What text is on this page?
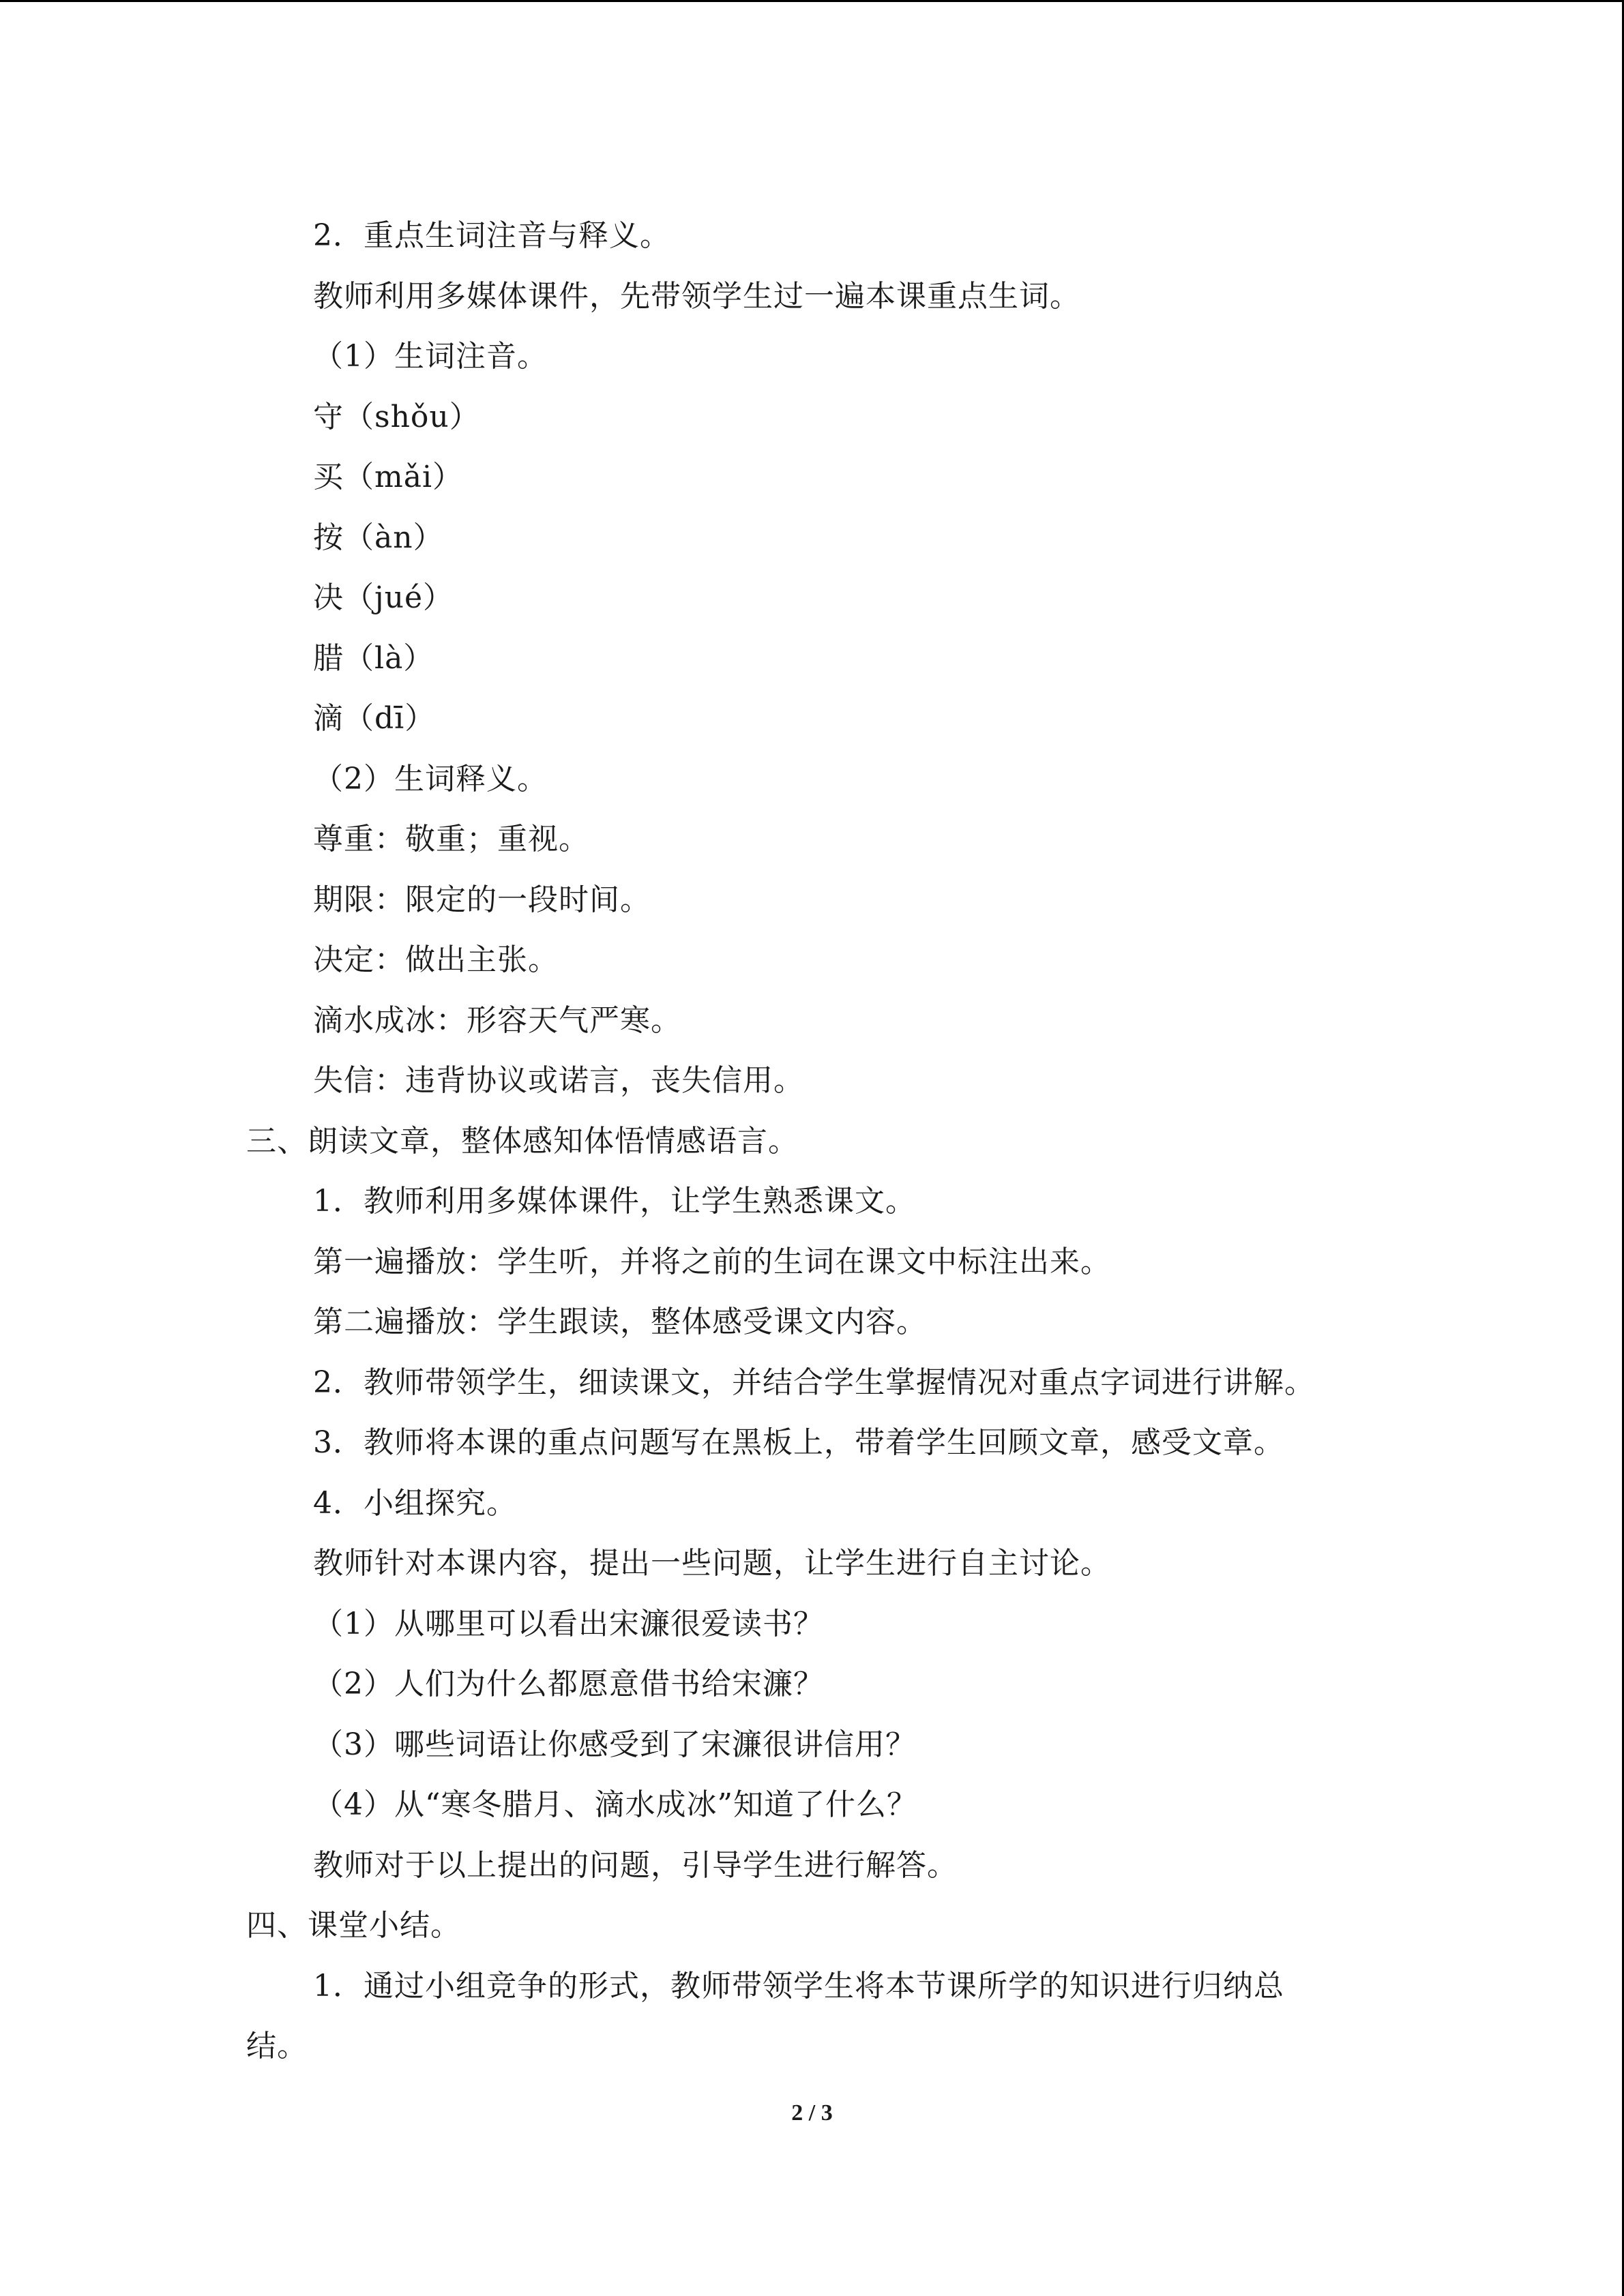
2．重点生词注音与释义。
教师利用多媒体课件，先带领学生过一遍本课重点生词。
（1）生词注音。
守（shǒu）
买（mǎi）
按（àn）
决（jué）
腊（là）
滴（dī）
（2）生词释义。
尊重：敬重；重视。
期限：限定的一段时间。
决定：做出主张。
滴水成冰：形容天气严寒。
失信：违背协议或诺言，丧失信用。
三、朗读文章，整体感知体悟情感语言。
1．教师利用多媒体课件，让学生熟悉课文。
第一遍播放：学生听，并将之前的生词在课文中标注出来。
第二遍播放：学生跟读，整体感受课文内容。
2．教师带领学生，细读课文，并结合学生掌握情况对重点字词进行讲解。
3．教师将本课的重点问题写在黑板上，带着学生回顾文章，感受文章。
4．小组探究。
教师针对本课内容，提出一些问题，让学生进行自主讨论。
（1）从哪里可以看出宋濂很爱读书？
（2）人们为什么都愿意借书给宋濂？
（3）哪些词语让你感受到了宋濂很讲信用？
（4）从“寒冬腊月、滴水成冰”知道了什么？
教师对于以上提出的问题，引导学生进行解答。
四、课堂小结。
1．通过小组竞争的形式，教师带领学生将本节课所学的知识进行归纳总
结。
2 / 3
